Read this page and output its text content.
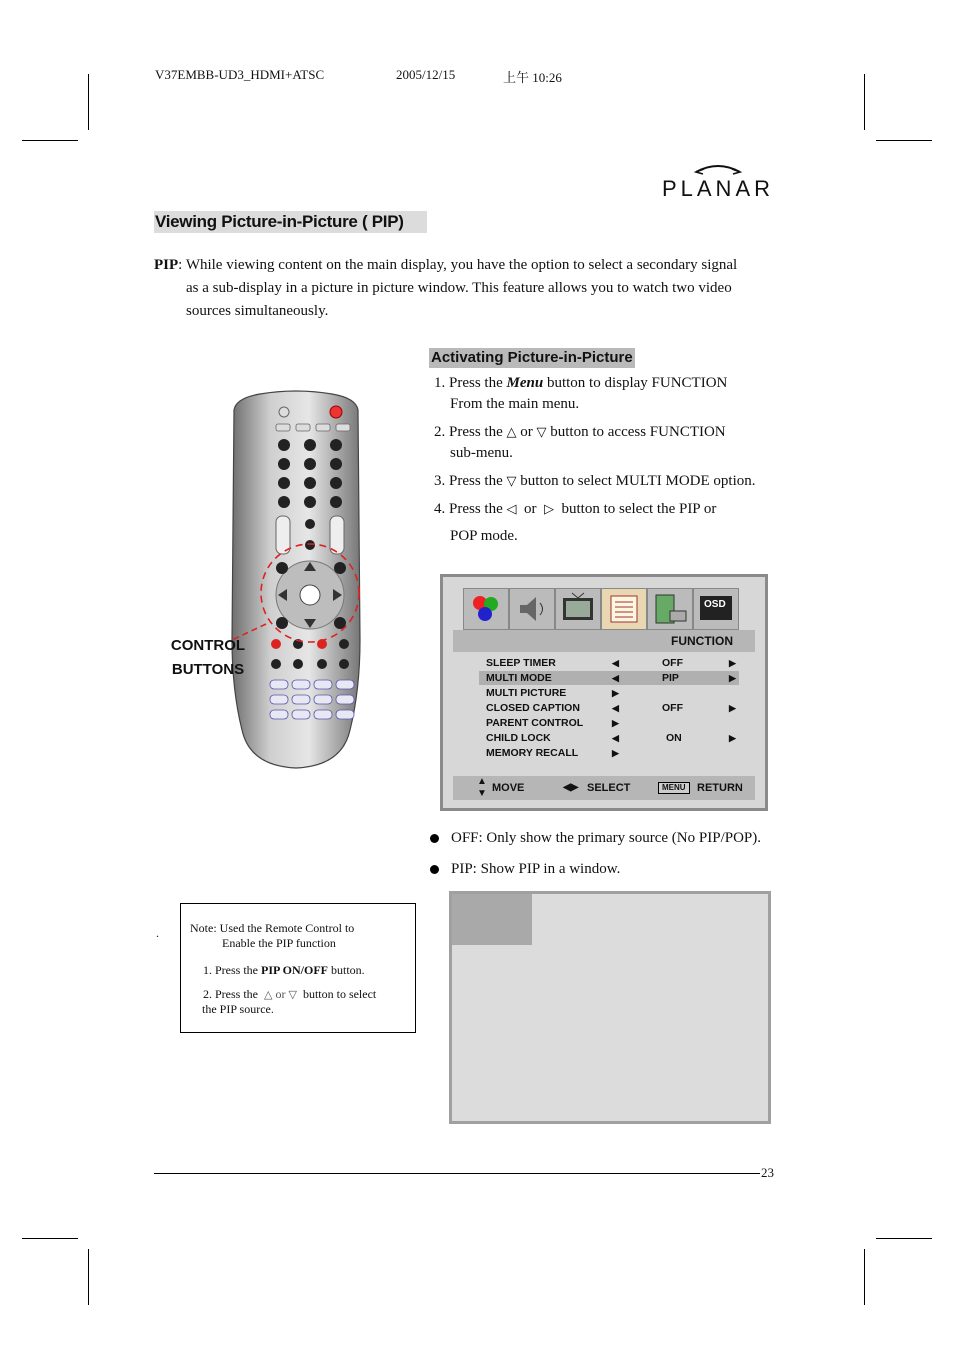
V37EMBB-UD3_HDMI+ATSC	2005/12/15	上午 10:26
PLANAR
Viewing Picture-in-Picture ( PIP)
PIP: While viewing content on the main display, you have the option to select a secondary signal
as a sub-display in a picture in picture window. This feature allows you to watch two video
sources simultaneously.
Activating Picture-in-Picture

1. Press the Menu button to display FUNCTION
From the main menu.

2. Press the △ or ▽ button to access FUNCTION
sub-menu.

3. Press the ▽ button to select MULTI MODE option.

4. Press the ◁  or  ▷  button to select the PIP or
POP mode.

CONTROL
BUTTONS
OSD
FUNCTION
SLEEP TIMER	◀	OFF	▶
MULTI MODE	◀	PIP	▶
MULTI PICTURE	▶
CLOSED CAPTION	◀	OFF	▶
PARENT CONTROL	▶
CHILD LOCK	◀	ON	▶
MEMORY RECALL	▶
▲
▼ MOVE	◀▶ SELECT	MENU	RETURN
OFF: Only show the primary source (No PIP/POP).
PIP: Show PIP in a window.
.	Note: Used the Remote Control to

Enable the PIP function

1. Press the PIP ON/OFF button.

2. Press the  △ or ▽  button to select

the PIP source.

23
